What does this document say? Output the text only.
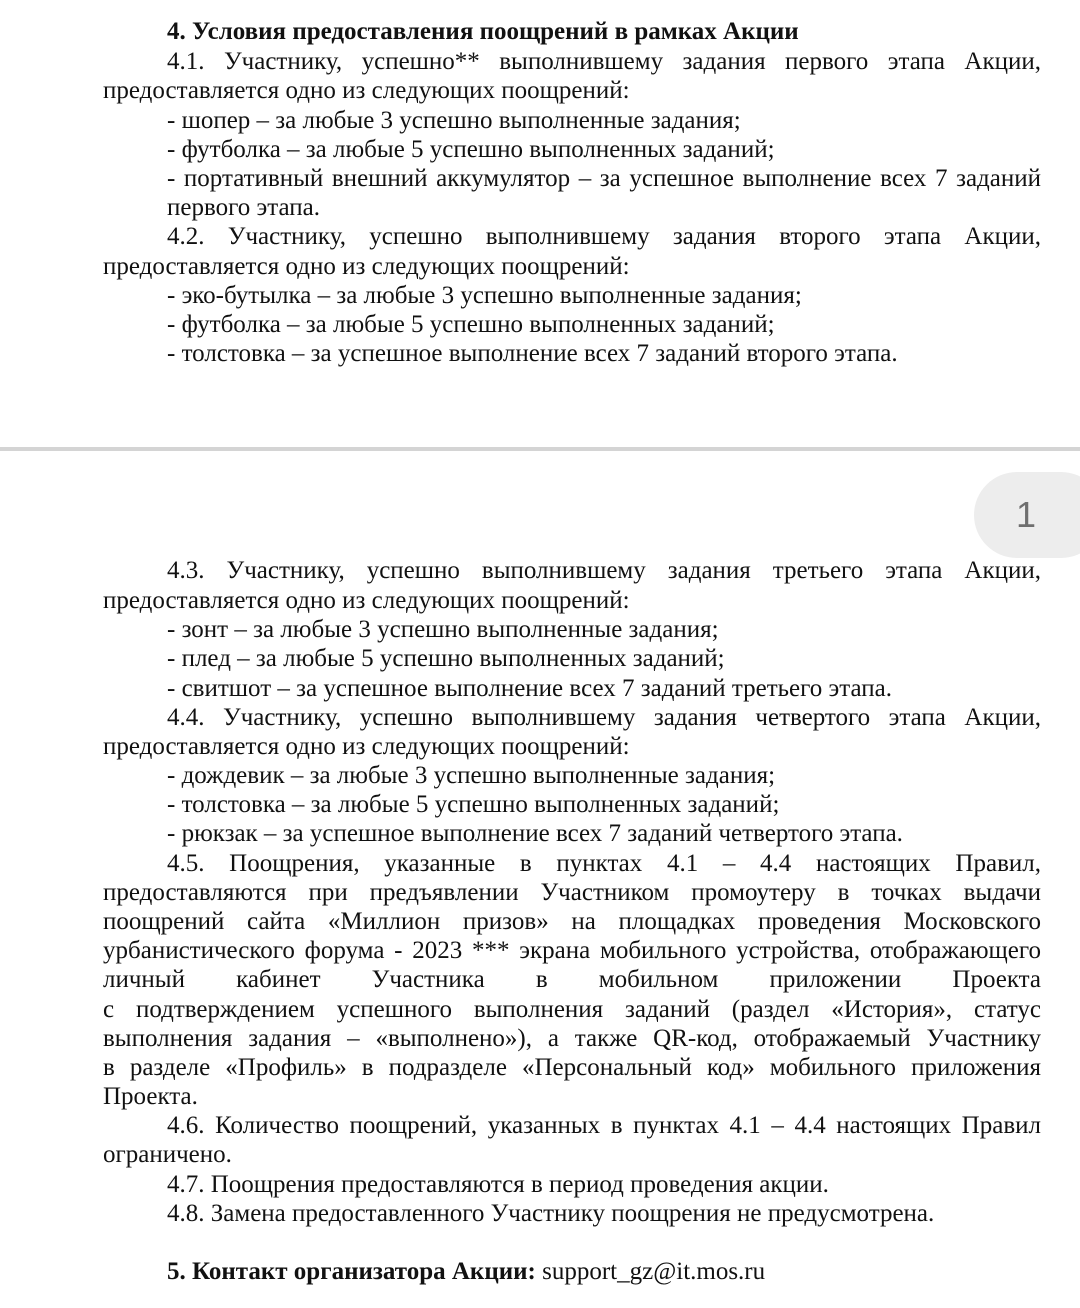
4. Условия предоставления поощрений в рамках Акции
4.1. Участнику, успешно** выполнившему задания первого этапа Акции,
предоставляется одно из следующих поощрений:
- шопер – за любые 3 успешно выполненные задания;
- футболка – за любые 5 успешно выполненных заданий;
- портативный внешний аккумулятор – за успешное выполнение всех 7 заданий
первого этапа.
4.2. Участнику, успешно выполнившему задания второго этапа Акции,
предоставляется одно из следующих поощрений:
- эко-бутылка – за любые 3 успешно выполненные задания;
- футболка – за любые 5 успешно выполненных заданий;
- толстовка – за успешное выполнение всех 7 заданий второго этапа.
1
4.3. Участнику, успешно выполнившему задания третьего этапа Акции,
предоставляется одно из следующих поощрений:
- зонт – за любые 3 успешно выполненные задания;
- плед – за любые 5 успешно выполненных заданий;
- свитшот – за успешное выполнение всех 7 заданий третьего этапа.
4.4. Участнику, успешно выполнившему задания четвертого этапа Акции,
предоставляется одно из следующих поощрений:
- дождевик – за любые 3 успешно выполненные задания;
- толстовка – за любые 5 успешно выполненных заданий;
- рюкзак – за успешное выполнение всех 7 заданий четвертого этапа.
4.5. Поощрения, указанные в пунктах 4.1 – 4.4 настоящих Правил,
предоставляются при предъявлении Участником промоутеру в точках выдачи
поощрений сайта «Миллион призов» на площадках проведения Московского
урбанистического форума - 2023 *** экрана мобильного устройства, отображающего
личный кабинет Участника в мобильном приложении Проекта
с подтверждением успешного выполнения заданий (раздел «История», статус
выполнения задания – «выполнено»), а также QR-код, отображаемый Участнику
в разделе «Профиль» в подразделе «Персональный код» мобильного приложения
Проекта.
4.6. Количество поощрений, указанных в пунктах 4.1 – 4.4 настоящих Правил
ограничено.
4.7. Поощрения предоставляются в период проведения акции.
4.8. Замена предоставленного Участнику поощрения не предусмотрена.
5. Контакт организатора Акции: support_gz@it.mos.ru
